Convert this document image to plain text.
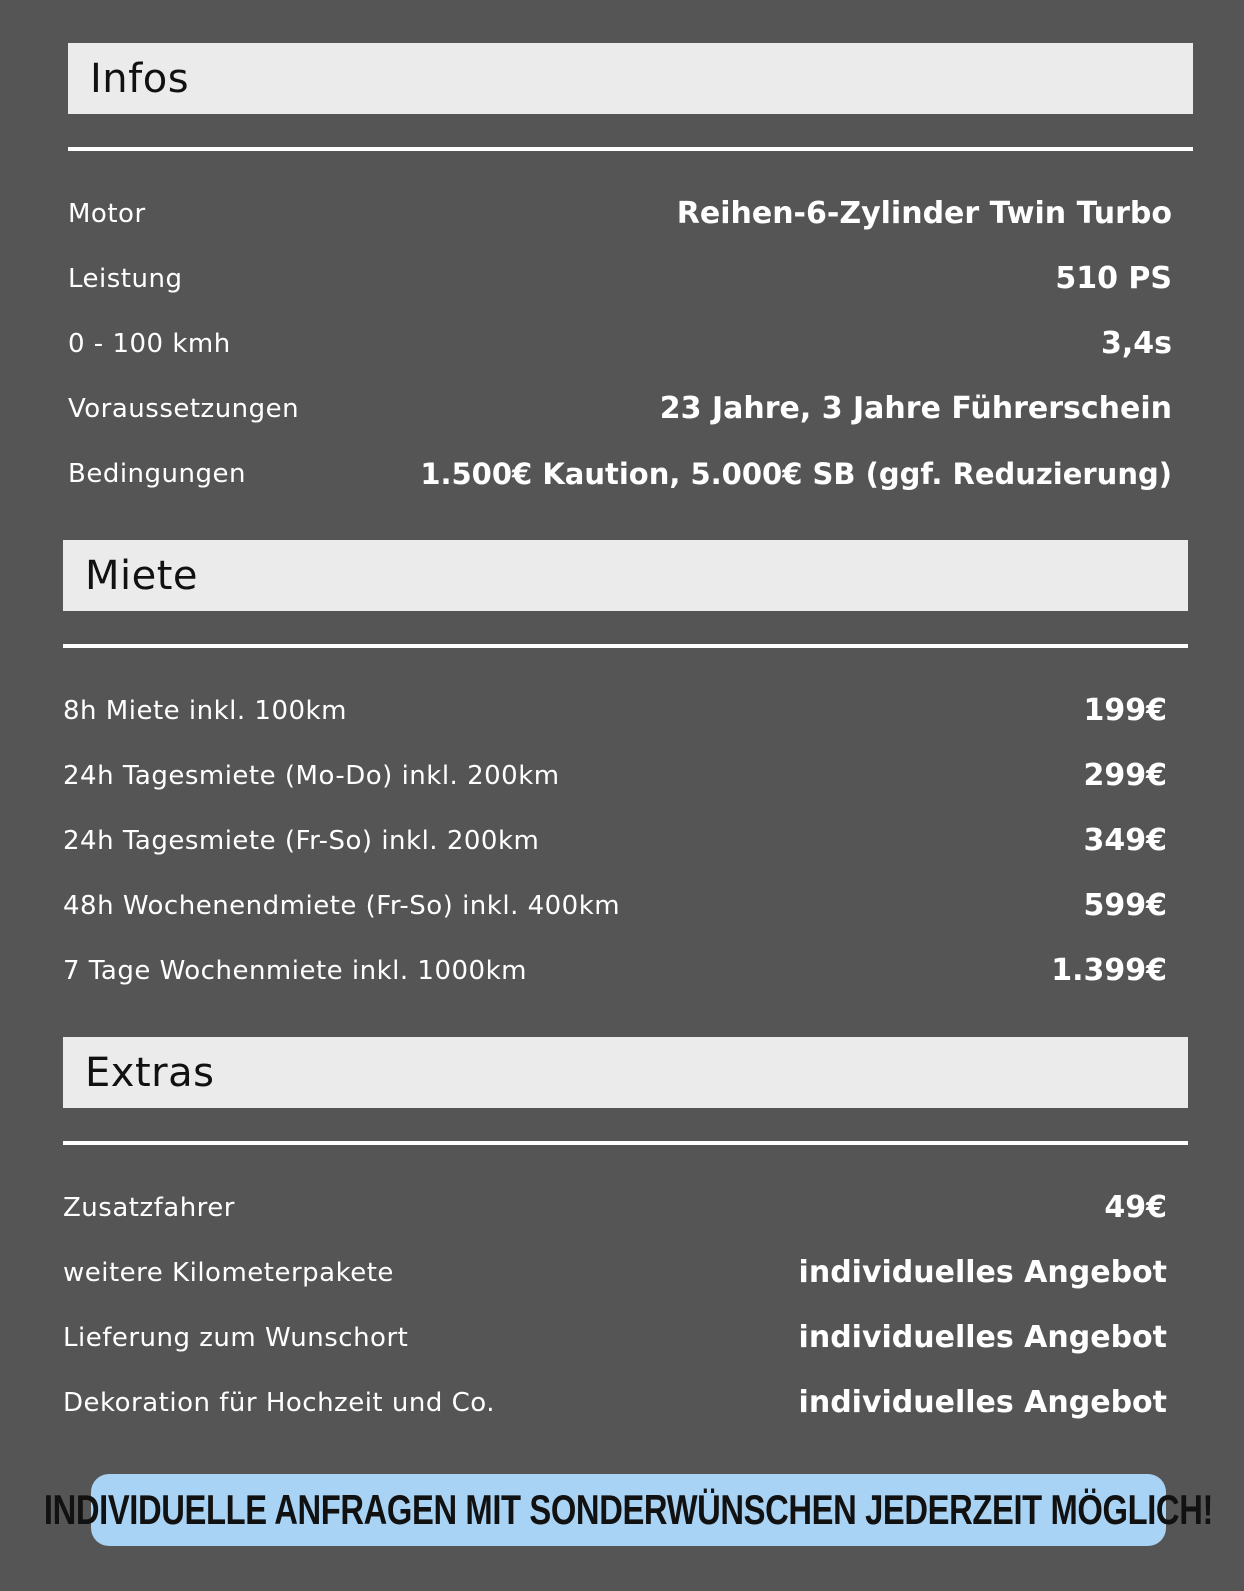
Infos
Motor	Reihen-6-Zylinder Twin Turbo
Leistung	510 PS
0 - 100 kmh	3,4s
Voraussetzungen	23 Jahre, 3 Jahre Führerschein
Bedingungen	1.500€ Kaution, 5.000€ SB (ggf. Reduzierung)
Miete
8h Miete inkl. 100km	199€
24h Tagesmiete (Mo-Do) inkl. 200km	299€
24h Tagesmiete (Fr-So) inkl. 200km	349€
48h Wochenendmiete (Fr-So) inkl. 400km	599€
7 Tage Wochenmiete inkl. 1000km	1.399€
Extras
Zusatzfahrer	49€
weitere Kilometerpakete	individuelles Angebot
Lieferung zum Wunschort	individuelles Angebot
Dekoration für Hochzeit und Co.	individuelles Angebot
INDIVIDUELLE ANFRAGEN MIT SONDERWÜNSCHEN JEDERZEIT MÖGLICH!
